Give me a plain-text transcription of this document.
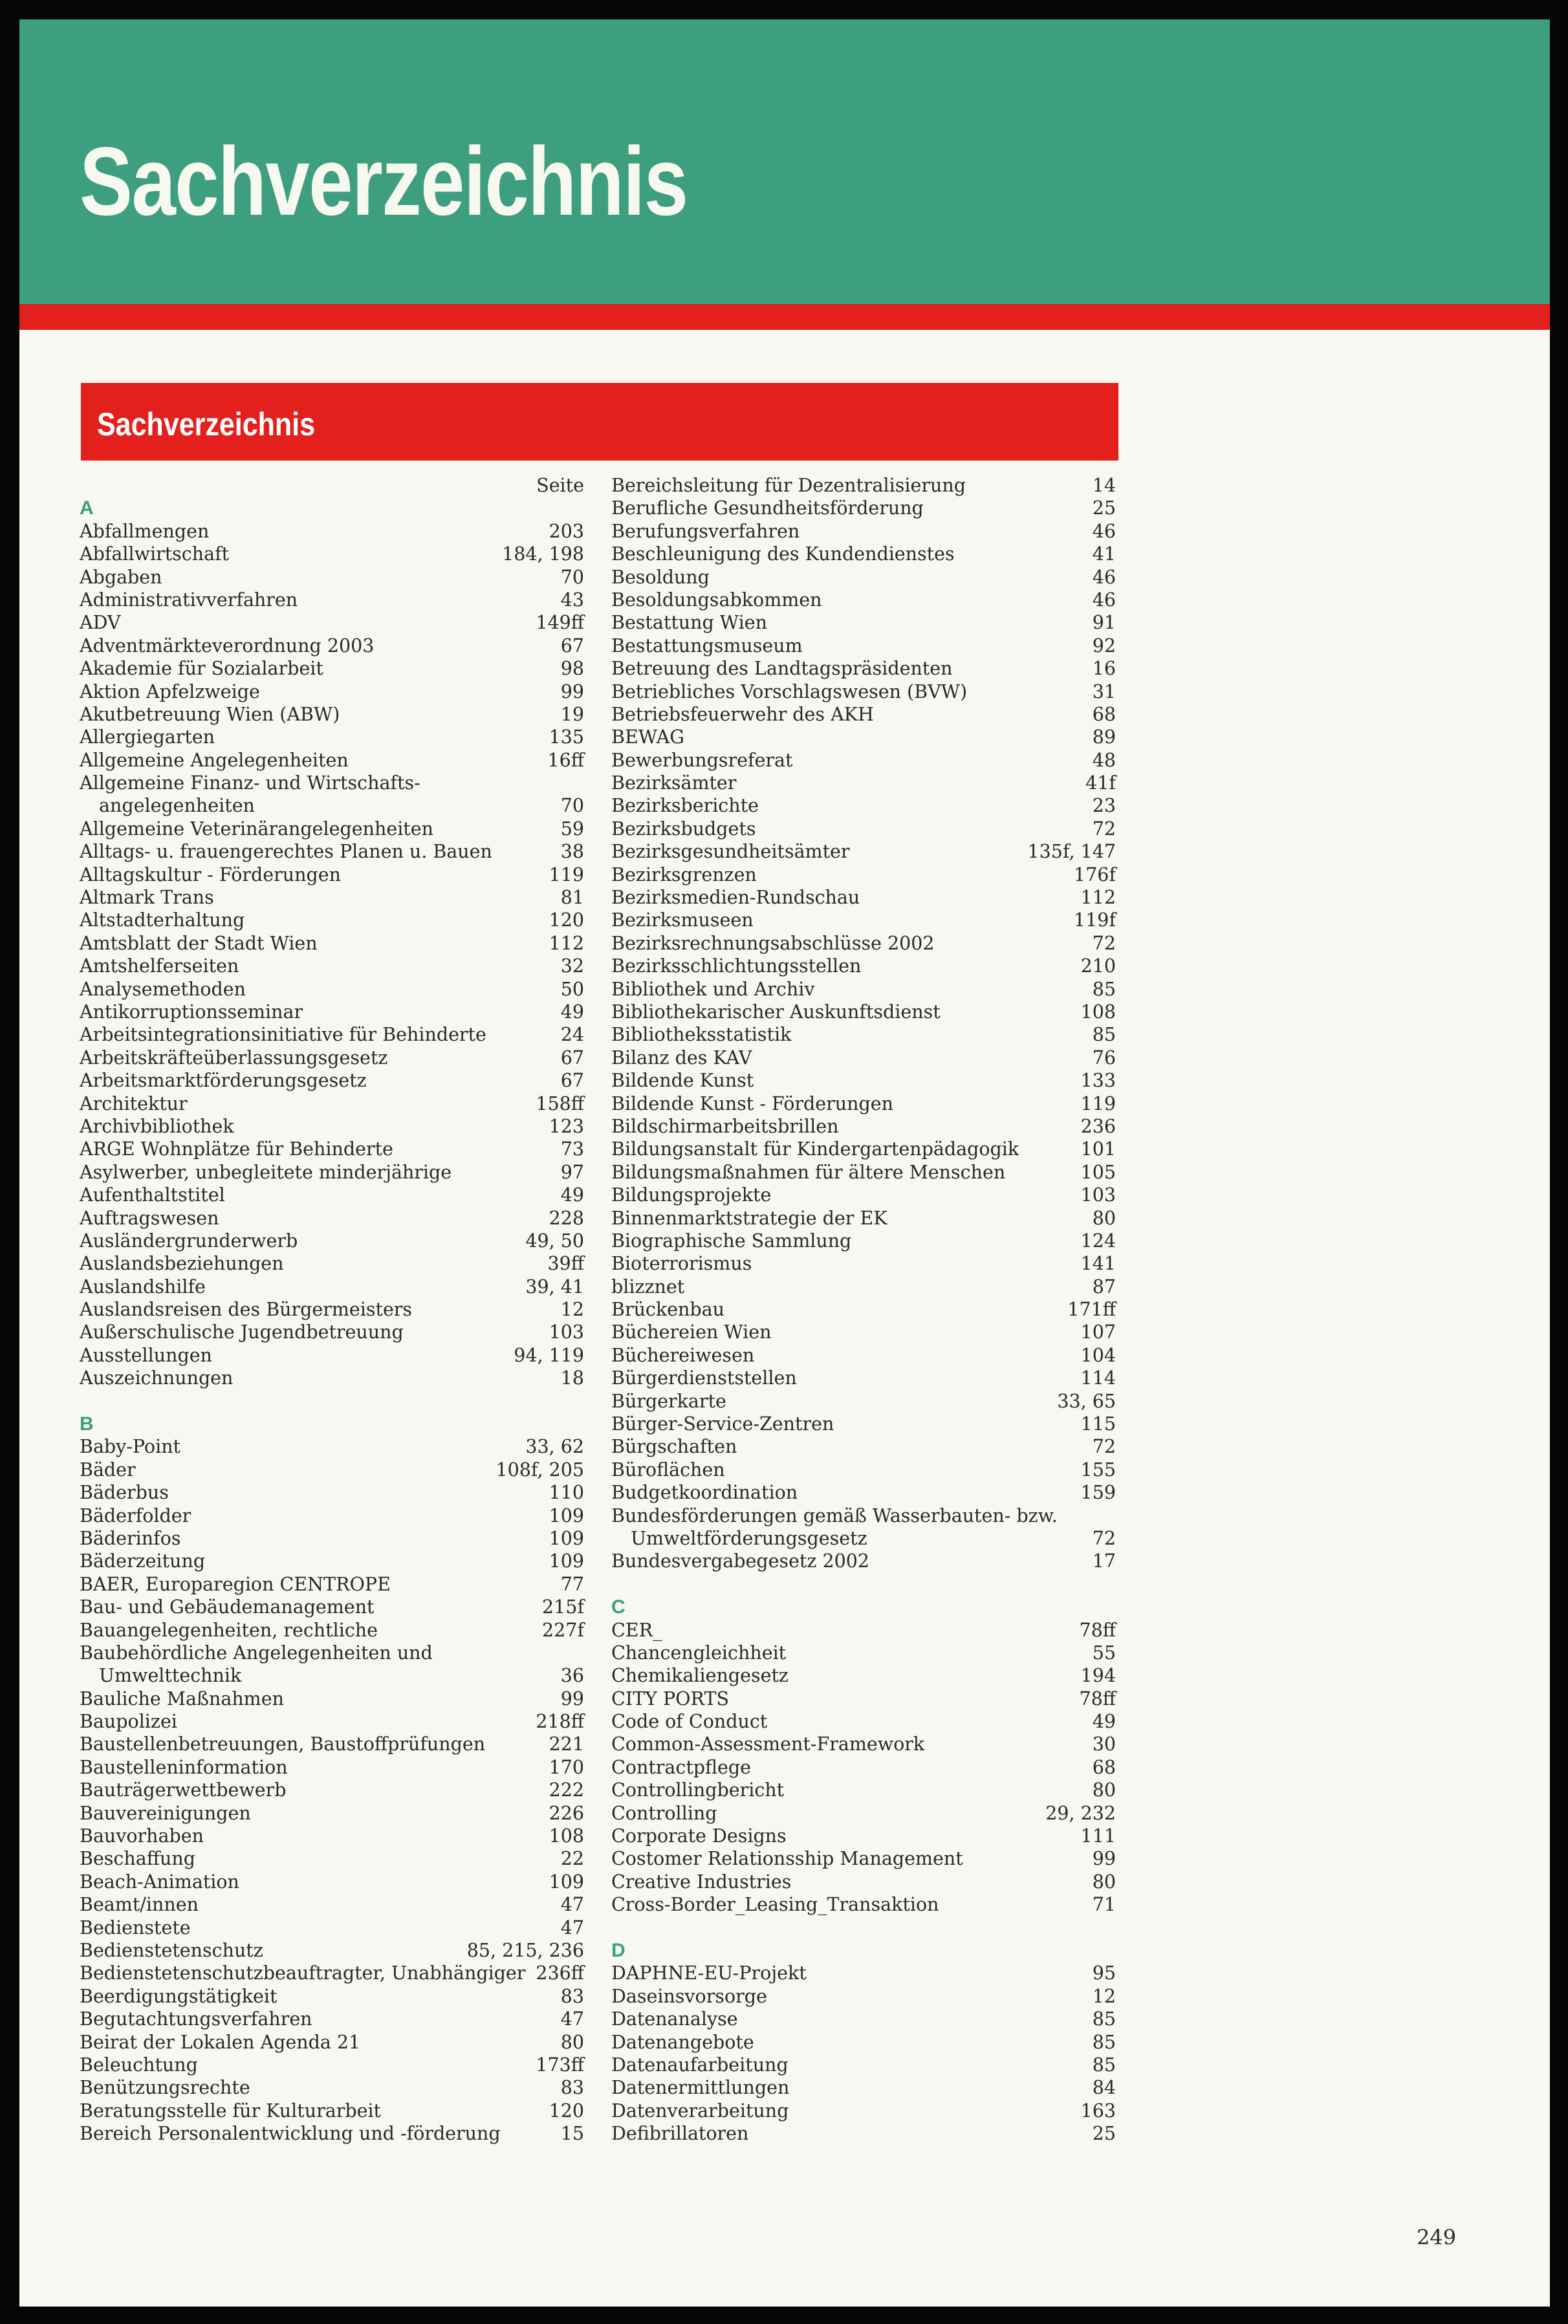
Sachverzeichnis
Sachverzeichnis
Seite
A
Abfallmengen	203
Abfallwirtschaft	184, 198
Abgaben	70
Administrativverfahren	43
ADV	149ff
Adventmärkteverordnung 2003	67
Akademie für Sozialarbeit	98
Aktion Apfelzweige	99
Akutbetreuung Wien (ABW)	19
Allergiegarten	135
Allgemeine Angelegenheiten	16ff
Allgemeine Finanz- und Wirtschafts-
angelegenheiten	70
Allgemeine Veterinärangelegenheiten	59
Alltags- u. frauengerechtes Planen u. Bauen	38
Alltagskultur - Förderungen	119
Altmark Trans	81
Altstadterhaltung	120
Amtsblatt der Stadt Wien	112
Amtshelferseiten	32
Analysemethoden	50
Antikorruptionsseminar	49
Arbeitsintegrationsinitiative für Behinderte	24
Arbeitskräfteüberlassungsgesetz	67
Arbeitsmarktförderungsgesetz	67
Architektur	158ff
Archivbibliothek	123
ARGE Wohnplätze für Behinderte	73
Asylwerber, unbegleitete minderjährige	97
Aufenthaltstitel	49
Auftragswesen	228
Ausländergrunderwerb	49, 50
Auslandsbeziehungen	39ff
Auslandshilfe	39, 41
Auslandsreisen des Bürgermeisters	12
Außerschulische Jugendbetreuung	103
Ausstellungen	94, 119
Auszeichnungen	18
B
Baby-Point	33, 62
Bäder	108f, 205
Bäderbus	110
Bäderfolder	109
Bäderinfos	109
Bäderzeitung	109
BAER, Europaregion CENTROPE	77
Bau- und Gebäudemanagement	215f
Bauangelegenheiten, rechtliche	227f
Baubehördliche Angelegenheiten und
Umwelttechnik	36
Bauliche Maßnahmen	99
Baupolizei	218ff
Baustellenbetreuungen, Baustoffprüfungen	221
Baustelleninformation	170
Bauträgerwettbewerb	222
Bauvereinigungen	226
Bauvorhaben	108
Beschaffung	22
Beach-Animation	109
Beamt/innen	47
Bedienstete	47
Bedienstetenschutz	85, 215, 236
Bedienstetenschutzbeauftragter, Unabhängiger 236ff
Beerdigungstätigkeit	83
Begutachtungsverfahren	47
Beirat der Lokalen Agenda 21	80
Beleuchtung	173ff
Benützungsrechte	83
Beratungsstelle für Kulturarbeit	120
Bereich Personalentwicklung und -förderung	15
Bereichsleitung für Dezentralisierung	14
Berufliche Gesundheitsförderung	25
Berufungsverfahren	46
Beschleunigung des Kundendienstes	41
Besoldung	46
Besoldungsabkommen	46
Bestattung Wien	91
Bestattungsmuseum	92
Betreuung des Landtagspräsidenten	16
Betriebliches Vorschlagswesen (BVW)	31
Betriebsfeuerwehr des AKH	68
BEWAG	89
Bewerbungsreferat	48
Bezirksämter	41f
Bezirksberichte	23
Bezirksbudgets	72
Bezirksgesundheitsämter	135f, 147
Bezirksgrenzen	176f
Bezirksmedien-Rundschau	112
Bezirksmuseen	119f
Bezirksrechnungsabschlüsse 2002	72
Bezirksschlichtungsstellen	210
Bibliothek und Archiv	85
Bibliothekarischer Auskunftsdienst	108
Bibliotheksstatistik	85
Bilanz des KAV	76
Bildende Kunst	133
Bildende Kunst - Förderungen	119
Bildschirmarbeitsbrillen	236
Bildungsanstalt für Kindergartenpädagogik	101
Bildungsmaßnahmen für ältere Menschen	105
Bildungsprojekte	103
Binnenmarktstrategie der EK	80
Biographische Sammlung	124
Bioterrorismus	141
blizznet	87
Brückenbau	171ff
Büchereien Wien	107
Büchereiwesen	104
Bürgerdienststellen	114
Bürgerkarte	33, 65
Bürger-Service-Zentren	115
Bürgschaften	72
Büroflächen	155
Budgetkoordination	159
Bundesförderungen gemäß Wasserbauten- bzw.
Umweltförderungsgesetz	72
Bundesvergabegesetz 2002	17
C
CER_	78ff
Chancengleichheit	55
Chemikaliengesetz	194
CITY PORTS	78ff
Code of Conduct	49
Common-Assessment-Framework	30
Contractpflege	68
Controllingbericht	80
Controlling	29, 232
Corporate Designs	111
Costomer Relationsship Management	99
Creative Industries	80
Cross-Border_Leasing_Transaktion	71
D
DAPHNE-EU-Projekt	95
Daseinsvorsorge	12
Datenanalyse	85
Datenangebote	85
Datenaufarbeitung	85
Datenermittlungen	84
Datenverarbeitung	163
Defibrillatoren	25
249
